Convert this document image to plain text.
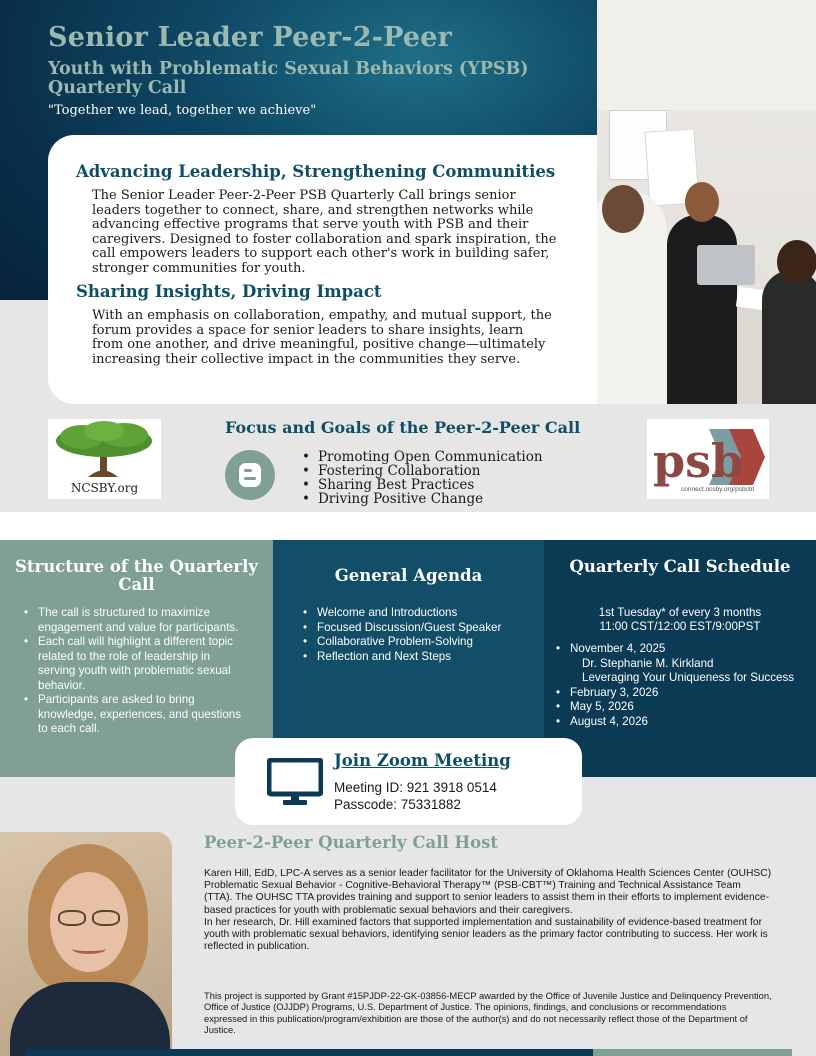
Senior Leader Peer-2-Peer
Youth with Problematic Sexual Behaviors (YPSB) Quarterly Call
"Together we lead, together we achieve"
Advancing Leadership, Strengthening Communities
The Senior Leader Peer-2-Peer PSB Quarterly Call brings senior leaders together to connect, share, and strengthen networks while advancing effective programs that serve youth with PSB and their caregivers. Designed to foster collaboration and spark inspiration, the call empowers leaders to support each other's work in building safer, stronger communities for youth.
Sharing Insights, Driving Impact
With an emphasis on collaboration, empathy, and mutual support, the forum provides a space for senior leaders to share insights, learn from one another, and drive meaningful, positive change—ultimately increasing their collective impact in the communities they serve.
NCSBY.org
Focus and Goals of the Peer-2-Peer Call
• Promoting Open Communication
• Fostering Collaboration
• Sharing Best Practices
• Driving Positive Change
psb
connect.ncsby.org/psbcbt
Structure of the Quarterly Call
• The call is structured to maximize engagement and value for participants.
• Each call will highlight a different topic related to the role of leadership in serving youth with problematic sexual behavior.
• Participants are asked to bring knowledge, experiences, and questions to each call.
General Agenda
• Welcome and Introductions
• Focused Discussion/Guest Speaker
• Collaborative Problem-Solving
• Reflection and Next Steps
Quarterly Call Schedule
1st Tuesday* of every 3 months
11:00 CST/12:00 EST/9:00PST
• November 4, 2025
Dr. Stephanie M. Kirkland
Leveraging Your Uniqueness for Success
• February 3, 2026
• May 5, 2026
• August 4, 2026
Join Zoom Meeting
Meeting ID: 921 3918 0514
Passcode: 75331882
Peer-2-Peer Quarterly Call Host

Karen Hill, EdD, LPC-A serves as a senior leader facilitator for the University of Oklahoma Health Sciences Center (OUHSC) Problematic Sexual Behavior - Cognitive-Behavioral Therapy™ (PSB-CBT™) Training and Technical Assistance Team (TTA). The OUHSC TTA provides training and support to senior leaders to assist them in their efforts to implement evidence-based practices for youth with problematic sexual behaviors and their caregivers.

In her research, Dr. Hill examined factors that supported implementation and sustainability of evidence-based treatment for youth with problematic sexual behaviors, identifying senior leaders as the primary factor contributing to success. Her work is reflected in publication.

This project is supported by Grant #15PJDP-22-GK-03856-MECP awarded by the Office of Juvenile Justice and Delinquency Prevention, Office of Justice (OJJDP) Programs, U.S. Department of Justice. The opinions, findings, and conclusions or recommendations expressed in this publication/program/exhibition are those of the author(s) and do not necessarily reflect those of the Department of Justice.
